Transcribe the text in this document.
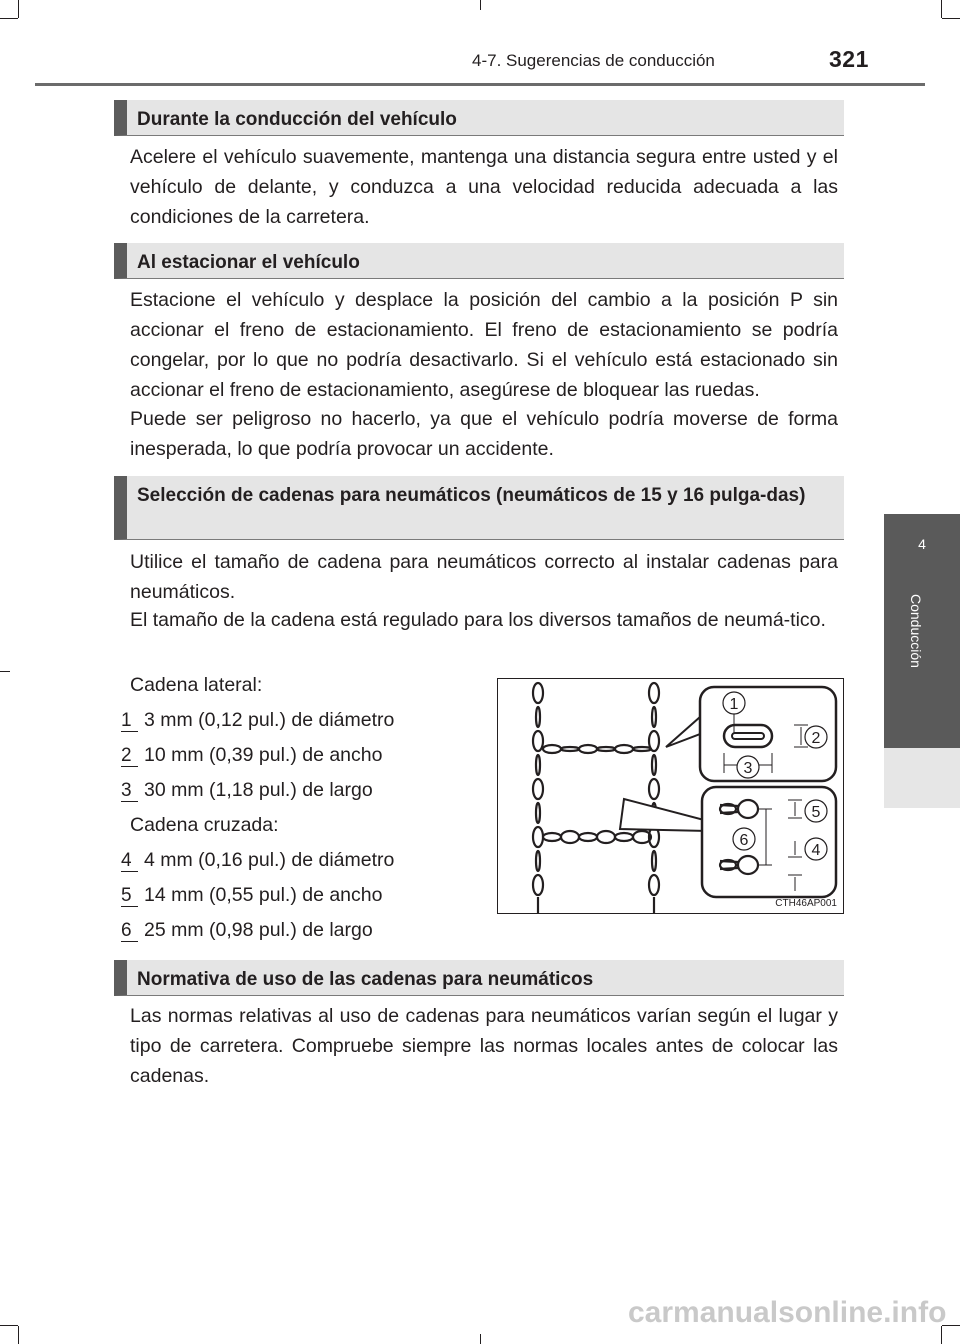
4-7. Sugerencias de conducción	321
4
Conducción
Durante la conducción del vehículo

Acelere el vehículo suavemente, mantenga una distancia segura entre usted y el vehículo de delante, y conduzca a una velocidad reducida adecuada a las condiciones de la carretera.

Al estacionar el vehículo

Estacione el vehículo y desplace la posición del cambio a la posición P sin accionar el freno de estacionamiento. El freno de estacionamiento se podría congelar, por lo que no podría desactivarlo. Si el vehículo está estacionado sin accionar el freno de estacionamiento, asegúrese de bloquear las ruedas.

Puede ser peligroso no hacerlo, ya que el vehículo podría moverse de forma inesperada, lo que podría provocar un accidente.

Selección de cadenas para neumáticos (neumáticos de 15 y 16 pulga-das)

Utilice el tamaño de cadena para neumáticos correcto al instalar cadenas para neumáticos.

El tamaño de la cadena está regulado para los diversos tamaños de neumá-tico.

Cadena lateral:
1 3 mm (0,12 pul.) de diámetro
2 10 mm (0,39 pul.) de ancho
3 30 mm (1,18 pul.) de largo
Cadena cruzada:
4 4 mm (0,16 pul.) de diámetro
5 14 mm (0,55 pul.) de ancho
6 25 mm (0,98 pul.) de largo
1
2
3
5
6
4
CTH46AP001
Normativa de uso de las cadenas para neumáticos

Las normas relativas al uso de cadenas para neumáticos varían según el lugar y tipo de carretera. Compruebe siempre las normas locales antes de colocar las cadenas.

carmanualsonline.info
